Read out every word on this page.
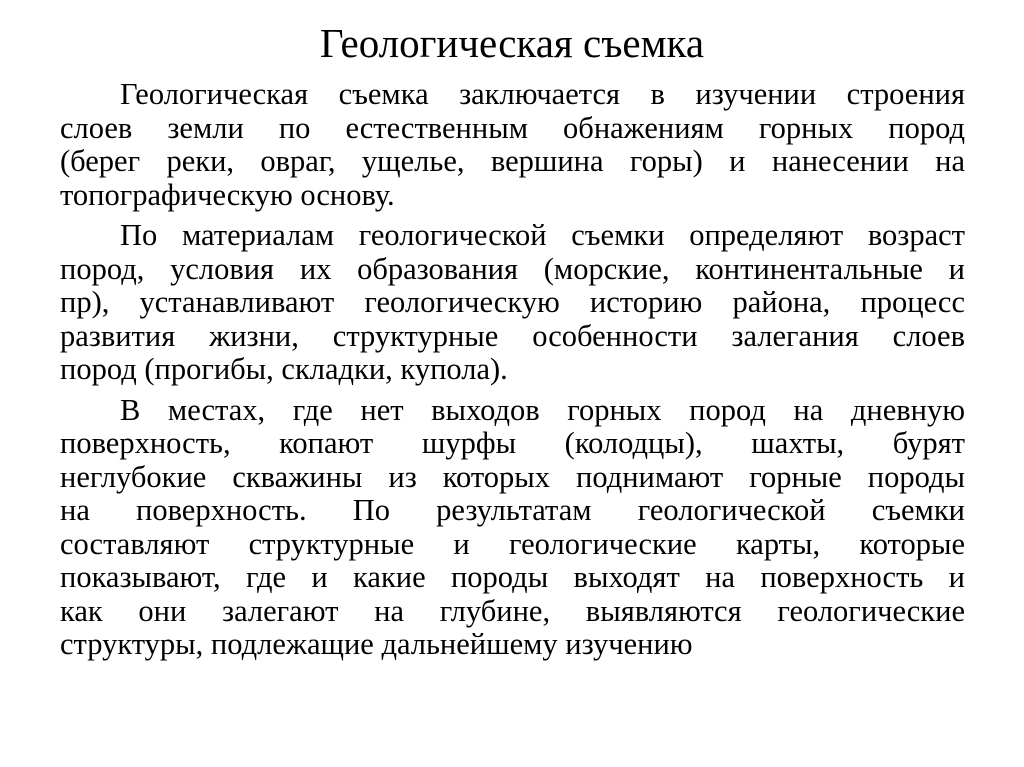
Геологическая съемка
Геологическая съемка заключается в изучении строения
слоев земли по естественным обнажениям горных пород
(берег реки, овраг, ущелье, вершина горы) и нанесении на
топографическую основу.
По материалам геологической съемки определяют возраст
пород, условия их образования (морские, континентальные и
пр), устанавливают геологическую историю района, процесс
развития жизни, структурные особенности залегания слоев
пород (прогибы, складки, купола).
В местах, где нет выходов горных пород на дневную
поверхность, копают шурфы (колодцы), шахты, бурят
неглубокие скважины из которых поднимают горные породы
на поверхность. По результатам геологической съемки
составляют структурные и геологические карты, которые
показывают, где и какие породы выходят на поверхность и
как они залегают на глубине, выявляются геологические
структуры, подлежащие дальнейшему изучению
